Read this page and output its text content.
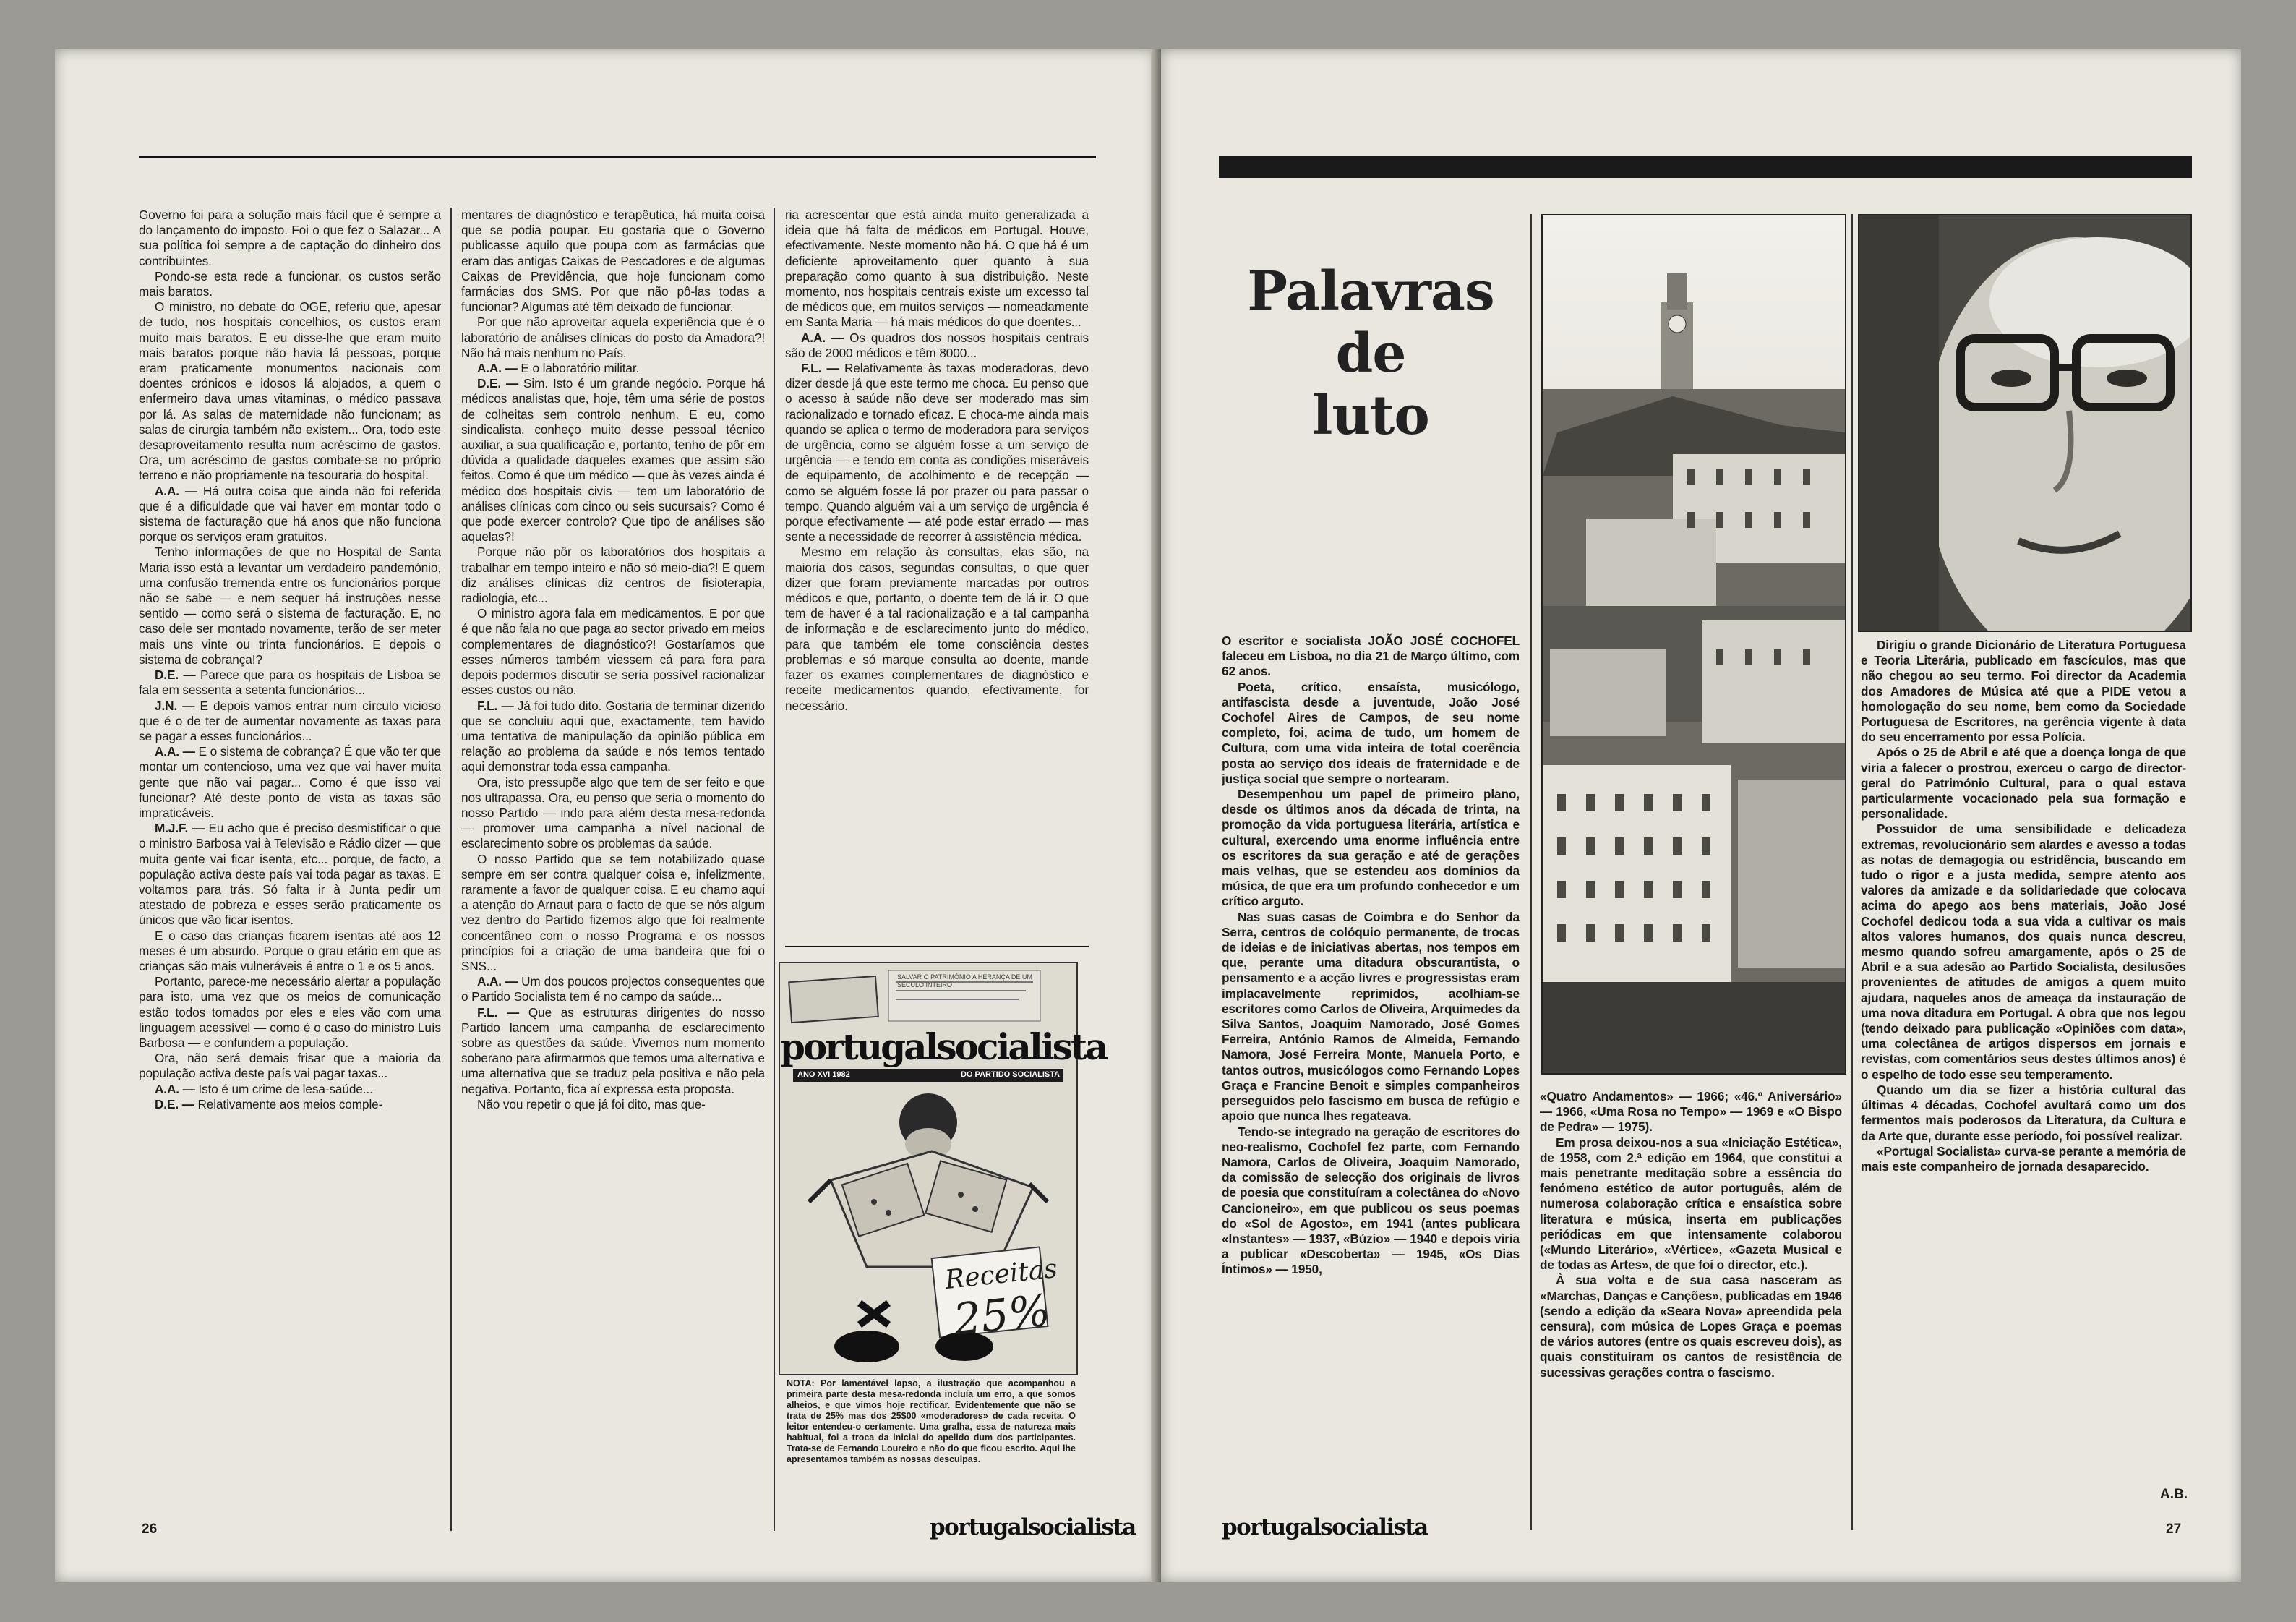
Governo foi para a solução mais fácil que é sempre a do lançamento do imposto. Foi o que fez o Salazar... A sua política foi sempre a de captação do dinheiro dos contribuintes.

Pondo-se esta rede a funcionar, os custos serão mais baratos.

O ministro, no debate do OGE, referiu que, apesar de tudo, nos hospitais concelhios, os custos eram muito mais baratos. E eu disse-lhe que eram muito mais baratos porque não havia lá pessoas, porque eram praticamente monumentos nacionais com doentes crónicos e idosos lá alojados, a quem o enfermeiro dava umas vitaminas, o médico passava por lá. As salas de maternidade não funcionam; as salas de cirurgia também não existem... Ora, todo este desaproveitamento resulta num acréscimo de gastos. Ora, um acréscimo de gastos combate-se no próprio terreno e não propriamente na tesouraria do hospital.

A.A. — Há outra coisa que ainda não foi referida que é a dificuldade que vai haver em montar todo o sistema de facturação que há anos que não funciona porque os serviços eram gratuitos.

Tenho informações de que no Hospital de Santa Maria isso está a levantar um verdadeiro pandemónio, uma confusão tremenda entre os funcionários porque não se sabe — e nem sequer há instruções nesse sentido — como será o sistema de facturação. E, no caso dele ser montado novamente, terão de ser meter mais uns vinte ou trinta funcionários. E depois o sistema de cobrança!?

D.E. — Parece que para os hospitais de Lisboa se fala em sessenta a setenta funcionários...

J.N. — E depois vamos entrar num círculo vicioso que é o de ter de aumentar novamente as taxas para se pagar a esses funcionários...

A.A. — E o sistema de cobrança? É que vão ter que montar um contencioso, uma vez que vai haver muita gente que não vai pagar... Como é que isso vai funcionar? Até deste ponto de vista as taxas são impraticáveis.

M.J.F. — Eu acho que é preciso desmistificar o que o ministro Barbosa vai à Televisão e Rádio dizer — que muita gente vai ficar isenta, etc... porque, de facto, a população activa deste país vai toda pagar as taxas. E voltamos para trás. Só falta ir à Junta pedir um atestado de pobreza e esses serão praticamente os únicos que vão ficar isentos.

E o caso das crianças ficarem isentas até aos 12 meses é um absurdo. Porque o grau etário em que as crianças são mais vulneráveis é entre o 1 e os 5 anos.

Portanto, parece-me necessário alertar a população para isto, uma vez que os meios de comunicação estão todos tomados por eles e eles vão com uma linguagem acessível — como é o caso do ministro Luís Barbosa — e confundem a população.

Ora, não será demais frisar que a maioria da população activa deste país vai pagar taxas...

A.A. — Isto é um crime de lesa-saúde...

D.E. — Relativamente aos meios comple-

mentares de diagnóstico e terapêutica, há muita coisa que se podia poupar. Eu gostaria que o Governo publicasse aquilo que poupa com as farmácias que eram das antigas Caixas de Pescadores e de algumas Caixas de Previdência, que hoje funcionam como farmácias dos SMS. Por que não pô-las todas a funcionar? Algumas até têm deixado de funcionar.

Por que não aproveitar aquela experiência que é o laboratório de análises clínicas do posto da Amadora?! Não há mais nenhum no País.

A.A. — E o laboratório militar.

D.E. — Sim. Isto é um grande negócio. Porque há médicos analistas que, hoje, têm uma série de postos de colheitas sem controlo nenhum. E eu, como sindicalista, conheço muito desse pessoal técnico auxiliar, a sua qualificação e, portanto, tenho de pôr em dúvida a qualidade daqueles exames que assim são feitos. Como é que um médico — que às vezes ainda é médico dos hospitais civis — tem um laboratório de análises clínicas com cinco ou seis sucursais? Como é que pode exercer controlo? Que tipo de análises são aquelas?!

Porque não pôr os laboratórios dos hospitais a trabalhar em tempo inteiro e não só meio-dia?! E quem diz análises clínicas diz centros de fisioterapia, radiologia, etc...

O ministro agora fala em medicamentos. E por que é que não fala no que paga ao sector privado em meios complementares de diagnóstico?! Gostaríamos que esses números também viessem cá para fora para depois podermos discutir se seria possível racionalizar esses custos ou não.

F.L. — Já foi tudo dito. Gostaria de terminar dizendo que se concluiu aqui que, exactamente, tem havido uma tentativa de manipulação da opinião pública em relação ao problema da saúde e nós temos tentado aqui demonstrar toda essa campanha.

Ora, isto pressupõe algo que tem de ser feito e que nos ultrapassa. Ora, eu penso que seria o momento do nosso Partido — indo para além desta mesa-redonda — promover uma campanha a nível nacional de esclarecimento sobre os problemas da saúde.

O nosso Partido que se tem notabilizado quase sempre em ser contra qualquer coisa e, infelizmente, raramente a favor de qualquer coisa. E eu chamo aqui a atenção do Arnaut para o facto de que se nós algum vez dentro do Partido fizemos algo que foi realmente concentâneo com o nosso Programa e os nossos princípios foi a criação de uma bandeira que foi o SNS...

A.A. — Um dos poucos projectos consequentes que o Partido Socialista tem é no campo da saúde...

F.L. — Que as estruturas dirigentes do nosso Partido lancem uma campanha de esclarecimento sobre as questões da saúde. Vivemos num momento soberano para afirmarmos que temos uma alternativa e uma alternativa que se traduz pela positiva e não pela negativa. Portanto, fica aí expressa esta proposta.

Não vou repetir o que já foi dito, mas que-

ria acrescentar que está ainda muito generalizada a ideia que há falta de médicos em Portugal. Houve, efectivamente. Neste momento não há. O que há é um deficiente aproveitamento quer quanto à sua preparação como quanto à sua distribuição. Neste momento, nos hospitais centrais existe um excesso tal de médicos que, em muitos serviços — nomeadamente em Santa Maria — há mais médicos do que doentes...

A.A. — Os quadros dos nossos hospitais centrais são de 2000 médicos e têm 8000...

F.L. — Relativamente às taxas moderadoras, devo dizer desde já que este termo me choca. Eu penso que o acesso à saúde não deve ser moderado mas sim racionalizado e tornado eficaz. E choca-me ainda mais quando se aplica o termo de moderadora para serviços de urgência, como se alguém fosse a um serviço de urgência — e tendo em conta as condições miseráveis de equipamento, de acolhimento e de recepção — como se alguém fosse lá por prazer ou para passar o tempo. Quando alguém vai a um serviço de urgência é porque efectivamente — até pode estar errado — mas sente a necessidade de recorrer à assistência médica.

Mesmo em relação às consultas, elas são, na maioria dos casos, segundas consultas, o que quer dizer que foram previamente marcadas por outros médicos e que, portanto, o doente tem de lá ir. O que tem de haver é a tal racionalização e a tal campanha de informação e de esclarecimento junto do médico, para que também ele tome consciência destes problemas e só marque consulta ao doente, mande fazer os exames complementares de diagnóstico e receite medicamentos quando, efectivamente, for necessário.

SALVAR O PATRIMÓNIO A HERANÇA DE UM SÉCULO INTEIRO
portugalsocialista
ANO XVI 1982	DO PARTIDO SOCIALISTA
Receitas
25%
NOTA: Por lamentável lapso, a ilustração que acompanhou a primeira parte desta mesa-redonda incluía um erro, a que somos alheios, e que vimos hoje rectificar. Evidentemente que não se trata de 25% mas dos 25$00 «moderadores» de cada receita. O leitor entendeu-o certamente. Uma gralha, essa de natureza mais habitual, foi a troca da inicial do apelido dum dos participantes. Trata-se de Fernando Loureiro e não do que ficou escrito. Aqui lhe apresentamos também as nossas desculpas.
26	portugalsocialista
Palavras
de
luto

O escritor e socialista JOÃO JOSÉ COCHOFEL faleceu em Lisboa, no dia 21 de Março último, com 62 anos.

Poeta, crítico, ensaísta, musicólogo, antifascista desde a juventude, João José Cochofel Aires de Campos, de seu nome completo, foi, acima de tudo, um homem de Cultura, com uma vida inteira de total coerência posta ao serviço dos ideais de fraternidade e de justiça social que sempre o nortearam.

Desempenhou um papel de primeiro plano, desde os últimos anos da década de trinta, na promoção da vida portuguesa literária, artística e cultural, exercendo uma enorme influência entre os escritores da sua geração e até de gerações mais velhas, que se estendeu aos domínios da música, de que era um profundo conhecedor e um crítico arguto.

Nas suas casas de Coimbra e do Senhor da Serra, centros de colóquio permanente, de trocas de ideias e de iniciativas abertas, nos tempos em que, perante uma ditadura obscurantista, o pensamento e a acção livres e progressistas eram implacavelmente reprimidos, acolhiam-se escritores como Carlos de Oliveira, Arquimedes da Silva Santos, Joaquim Namorado, José Gomes Ferreira, António Ramos de Almeida, Fernando Namora, José Ferreira Monte, Manuela Porto, e tantos outros, musicólogos como Fernando Lopes Graça e Francine Benoit e simples companheiros perseguidos pelo fascismo em busca de refúgio e apoio que nunca lhes regateava.

Tendo-se integrado na geração de escritores do neo-realismo, Cochofel fez parte, com Fernando Namora, Carlos de Oliveira, Joaquim Namorado, da comissão de selecção dos originais de livros de poesia que constituíram a colectânea do «Novo Cancioneiro», em que publicou os seus poemas do «Sol de Agosto», em 1941 (antes publicara «Instantes» — 1937, «Búzio» — 1940 e depois viria a publicar «Descoberta» — 1945, «Os Dias Íntimos» — 1950,

«Quatro Andamentos» — 1966; «46.º Aniversário» — 1966, «Uma Rosa no Tempo» — 1969 e «O Bispo de Pedra» — 1975).

Em prosa deixou-nos a sua «Iniciação Estética», de 1958, com 2.ª edição em 1964, que constitui a mais penetrante meditação sobre a essência do fenómeno estético de autor português, além de numerosa colaboração crítica e ensaística sobre literatura e música, inserta em publicações periódicas em que intensamente colaborou («Mundo Literário», «Vértice», «Gazeta Musical e de todas as Artes», de que foi o director, etc.).

À sua volta e de sua casa nasceram as «Marchas, Danças e Canções», publicadas em 1946 (sendo a edição da «Seara Nova» apreendida pela censura), com música de Lopes Graça e poemas de vários autores (entre os quais escreveu dois), as quais constituíram os cantos de resistência de sucessivas gerações contra o fascismo.

Dirigiu o grande Dicionário de Literatura Portuguesa e Teoria Literária, publicado em fascículos, mas que não chegou ao seu termo. Foi director da Academia dos Amadores de Música até que a PIDE vetou a homologação do seu nome, bem como da Sociedade Portuguesa de Escritores, na gerência vigente à data do seu encerramento por essa Polícia.

Após o 25 de Abril e até que a doença longa de que viria a falecer o prostrou, exerceu o cargo de director-geral do Património Cultural, para o qual estava particularmente vocacionado pela sua formação e personalidade.

Possuidor de uma sensibilidade e delicadeza extremas, revolucionário sem alardes e avesso a todas as notas de demagogia ou estridência, buscando em tudo o rigor e a justa medida, sempre atento aos valores da amizade e da solidariedade que colocava acima do apego aos bens materiais, João José Cochofel dedicou toda a sua vida a cultivar os mais altos valores humanos, dos quais nunca descreu, mesmo quando sofreu amargamente, após o 25 de Abril e a sua adesão ao Partido Socialista, desilusões provenientes de atitudes de amigos a quem muito ajudara, naqueles anos de ameaça da instauração de uma nova ditadura em Portugal. A obra que nos legou (tendo deixado para publicação «Opiniões com data», uma colectânea de artigos dispersos em jornais e revistas, com comentários seus destes últimos anos) é o espelho de todo esse seu temperamento.

Quando um dia se fizer a história cultural das últimas 4 décadas, Cochofel avultará como um dos fermentos mais poderosos da Literatura, da Cultura e da Arte que, durante esse período, foi possível realizar.

«Portugal Socialista» curva-se perante a memória de mais este companheiro de jornada desaparecido.

A.B.
portugalsocialista	27
